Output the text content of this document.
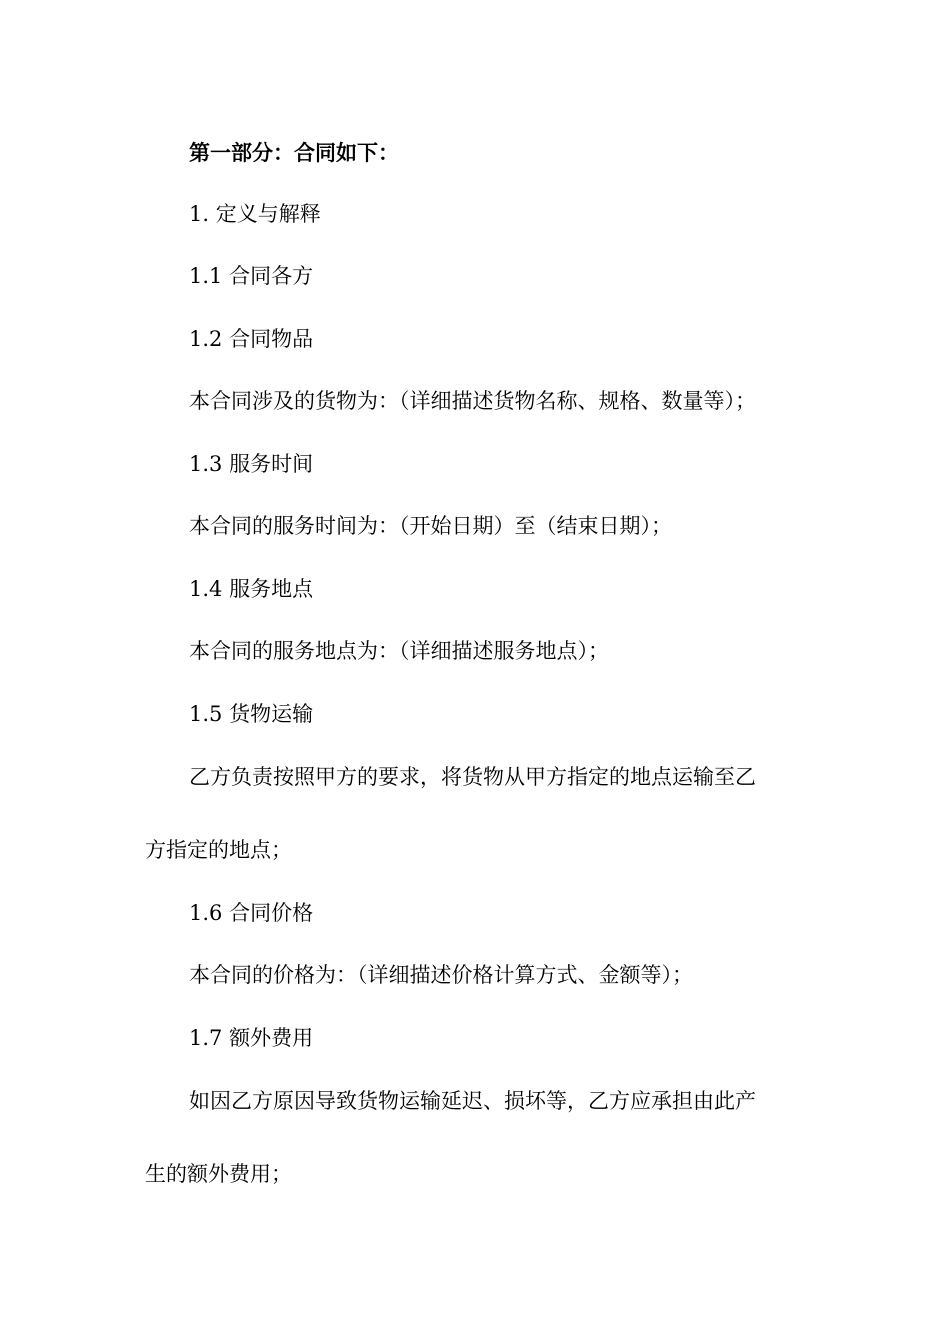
第一部分：合同如下：

1. 定义与解释

1.1 合同各方

1.2 合同物品

本合同涉及的货物为：（详细描述货物名称、规格、数量等）；

1.3 服务时间

本合同的服务时间为：（开始日期）至（结束日期）；

1.4 服务地点

本合同的服务地点为：（详细描述服务地点）；

1.5 货物运输

乙方负责按照甲方的要求，将货物从甲方指定的地点运输至乙

方指定的地点；

1.6 合同价格

本合同的价格为：（详细描述价格计算方式、金额等）；

1.7 额外费用

如因乙方原因导致货物运输延迟、损坏等，乙方应承担由此产

生的额外费用；
